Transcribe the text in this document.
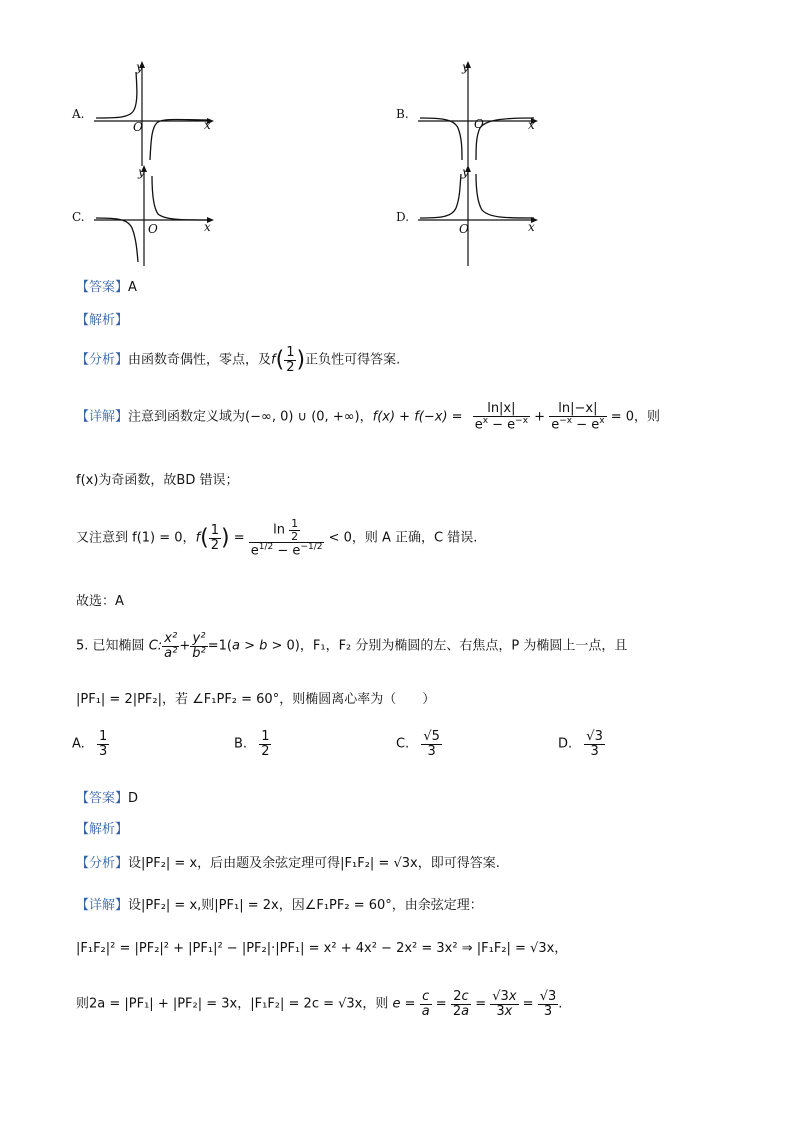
A.
y
x
O
B.
y
x
O
C.
y
x
O
D.
y
x
O
【答案】A
【解析】
【分析】由函数奇偶性，零点，及$f( \frac{1}{2}$ )正负性可得答案.
【详解】注意到函数定义域为(−∞, 0) ∪ (0, +∞)，$f(x) + f(-x) = \frac{\ln|x|}{e^x - e^{-x}} + \frac{\ln|-x|}{e^{-x} - e^x} = 0$，则
f(x)为奇函数，故BD 错误；
又注意到 f(1) = 0，$f( \frac{1}{2}$ ) = $\frac{\ln \frac{1}{2}}{e^{1/2} - e^{-1/2}} < 0$，则 A 正确，C 错误.
故选：A
5. 已知椭圆 C: $\frac{\text{x²}}{\text{a²}} + \frac{\text{y²}}{\text{b²}} =1(a > b > 0)$，F₁，F₂ 分别为椭圆的左、右焦点，P 为椭圆上一点，且
|PF₁| = 2|PF₂|，若 ∠F₁PF₂ = 60°，则椭圆离心率为（　　）
A. $\frac{1}{3}$	B. $\frac{1}{2}$	C. $\frac{√5}{3}$	D. $\frac{√3}{3}$
【答案】D
【解析】
【分析】设|PF₂| = x，后由题及余弦定理可得|F₁F₂| = √3x，即可得答案.
【详解】设|PF₂| = x,则|PF₁| = 2x，因∠F₁PF₂ = 60°，由余弦定理：
|F₁F₂|² = |PF₂|² + |PF₁|² − |PF₂|·|PF₁| = x² + 4x² − 2x² = 3x² ⇒ |F₁F₂| = √3x，
则2a = |PF₁| + |PF₂| = 3x，|F₁F₂| = 2c = √3x，则 $e = \frac{c}{a} = \frac{2c}{2a} = \frac{√3x}{3x} = \frac{√3}{3}$ .
